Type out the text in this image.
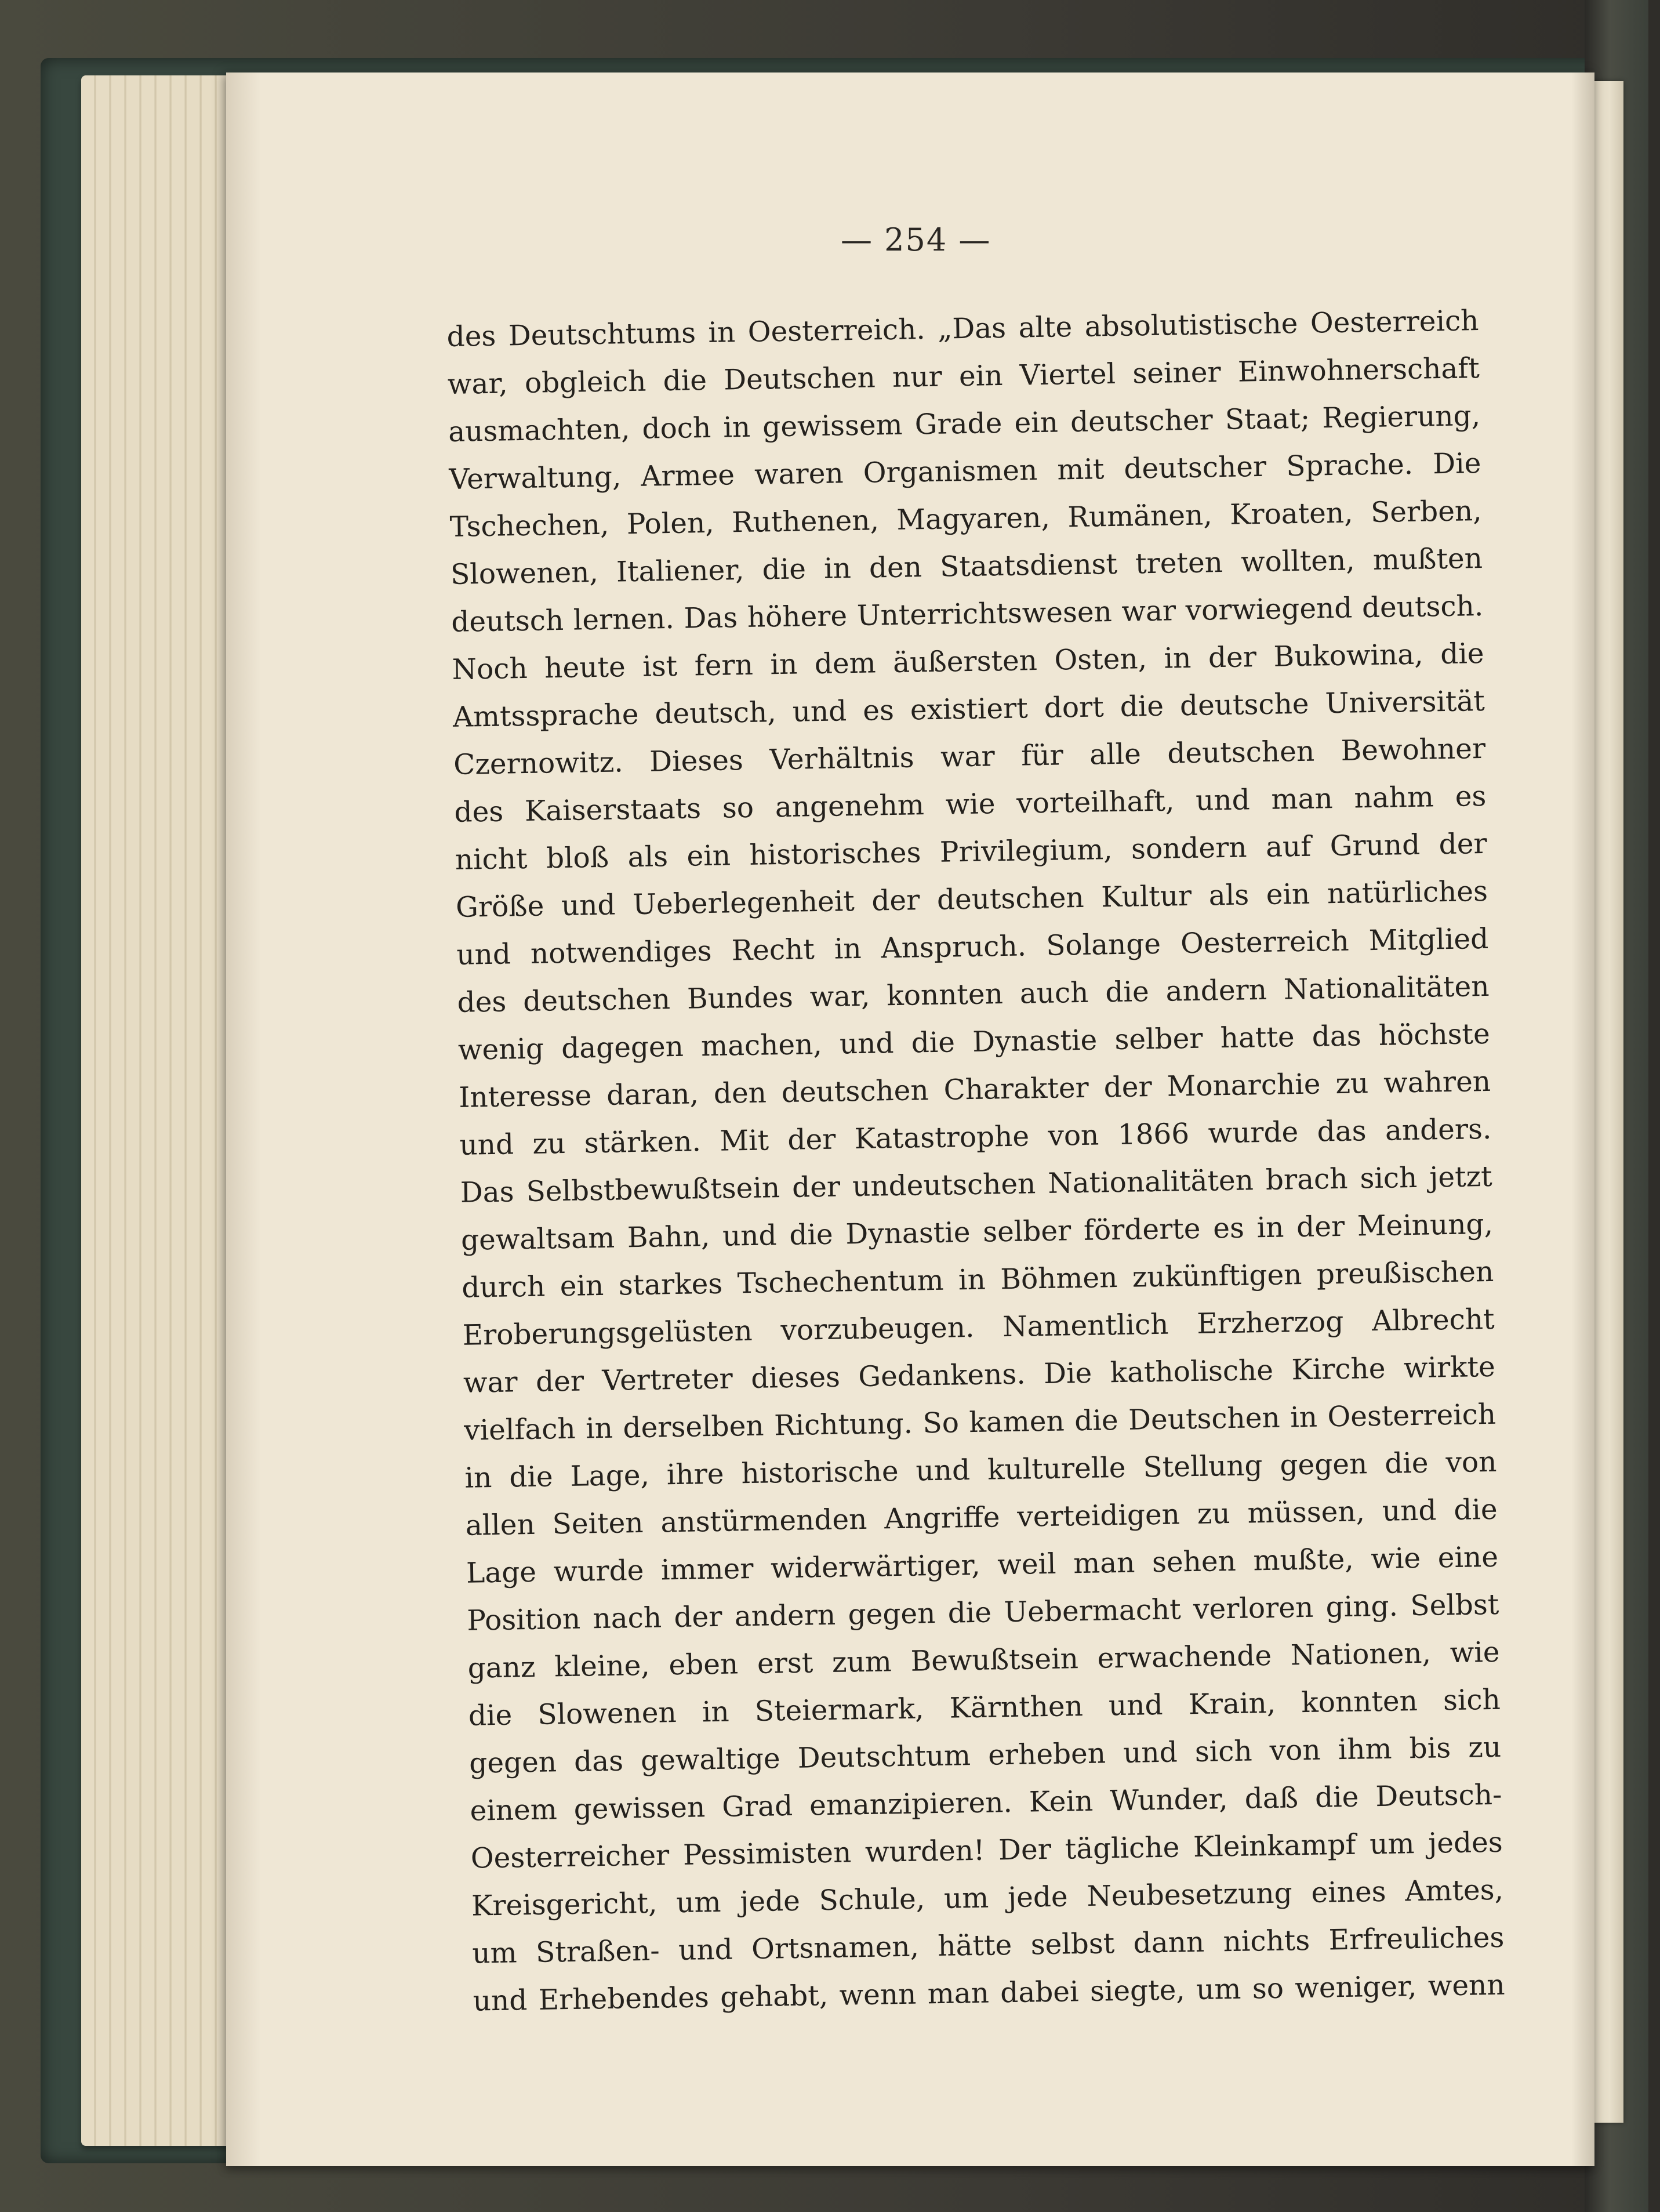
— 254 —
des Deutschtums in Oesterreich. „Das alte absolutistische Oesterreich
war, obgleich die Deutschen nur ein Viertel seiner Einwohnerschaft
ausmachten, doch in gewissem Grade ein deutscher Staat; Regierung,
Verwaltung, Armee waren Organismen mit deutscher Sprache. Die
Tschechen, Polen, Ruthenen, Magyaren, Rumänen, Kroaten, Serben,
Slowenen, Italiener, die in den Staatsdienst treten wollten, mußten
deutsch lernen. Das höhere Unterrichtswesen war vorwiegend deutsch.
Noch heute ist fern in dem äußersten Osten, in der Bukowina, die
Amtssprache deutsch, und es existiert dort die deutsche Universität
Czernowitz. Dieses Verhältnis war für alle deutschen Bewohner
des Kaiserstaats so angenehm wie vorteilhaft, und man nahm es
nicht bloß als ein historisches Privilegium, sondern auf Grund der
Größe und Ueberlegenheit der deutschen Kultur als ein natürliches
und notwendiges Recht in Anspruch. Solange Oesterreich Mitglied
des deutschen Bundes war, konnten auch die andern Nationalitäten
wenig dagegen machen, und die Dynastie selber hatte das höchste
Interesse daran, den deutschen Charakter der Monarchie zu wahren
und zu stärken. Mit der Katastrophe von 1866 wurde das anders.
Das Selbstbewußtsein der undeutschen Nationalitäten brach sich jetzt
gewaltsam Bahn, und die Dynastie selber förderte es in der Meinung,
durch ein starkes Tschechentum in Böhmen zukünftigen preußischen
Eroberungsgelüsten vorzubeugen. Namentlich Erzherzog Albrecht
war der Vertreter dieses Gedankens. Die katholische Kirche wirkte
vielfach in derselben Richtung. So kamen die Deutschen in Oesterreich
in die Lage, ihre historische und kulturelle Stellung gegen die von
allen Seiten anstürmenden Angriffe verteidigen zu müssen, und die
Lage wurde immer widerwärtiger, weil man sehen mußte, wie eine
Position nach der andern gegen die Uebermacht verloren ging. Selbst
ganz kleine, eben erst zum Bewußtsein erwachende Nationen, wie
die Slowenen in Steiermark, Kärnthen und Krain, konnten sich
gegen das gewaltige Deutschtum erheben und sich von ihm bis zu
einem gewissen Grad emanzipieren. Kein Wunder, daß die Deutsch-
Oesterreicher Pessimisten wurden! Der tägliche Kleinkampf um jedes
Kreisgericht, um jede Schule, um jede Neubesetzung eines Amtes,
um Straßen- und Ortsnamen, hätte selbst dann nichts Erfreuliches
und Erhebendes gehabt, wenn man dabei siegte, um so weniger, wenn
